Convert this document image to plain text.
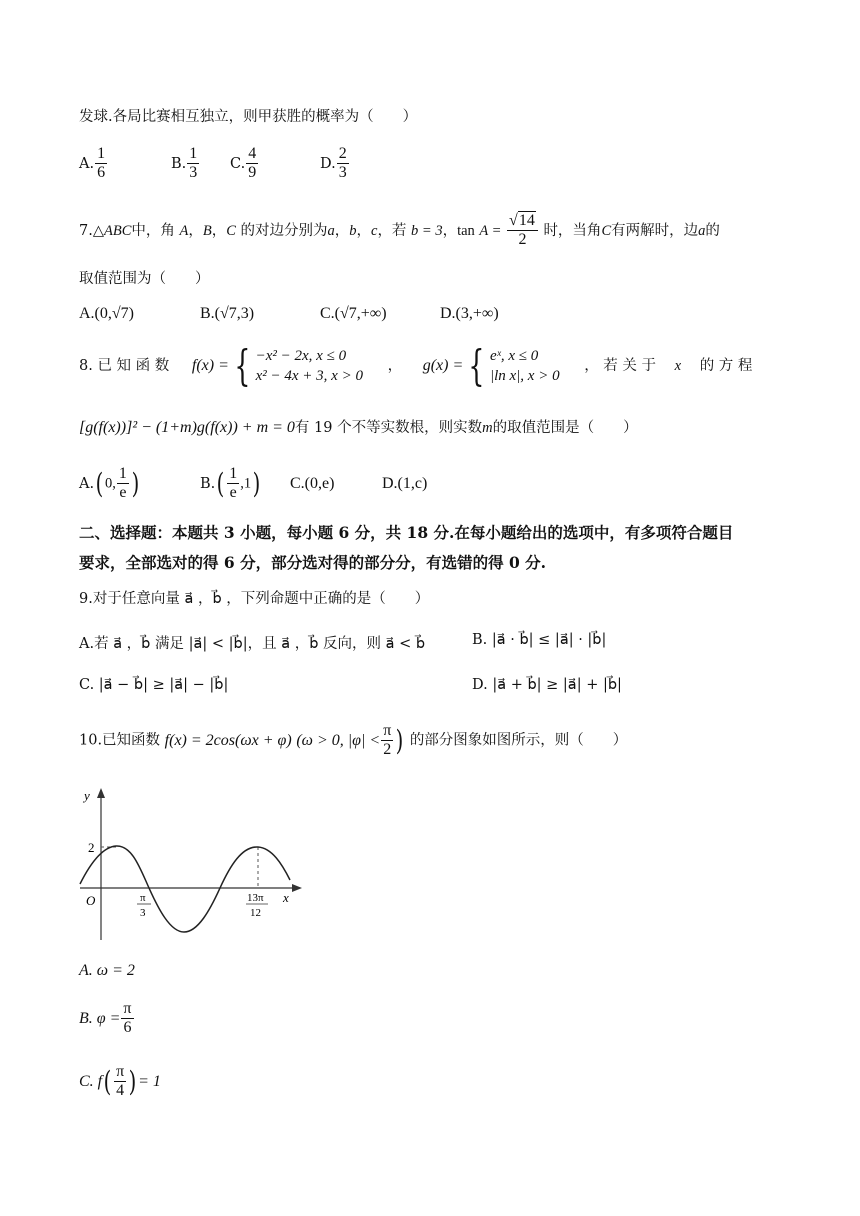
发球.各局比赛相互独立，则甲获胜的概率为（　　）
A. $\frac{1}{6}$	B. $\frac{1}{3} C$. $\frac{4}{9}$	D. $\frac{2}{3}$
7.△ABC中，角 A，B，C 的对边分别为a，b，c，若 b = 3，$\tan A = \frac{√14}{2}$ 时，当角C有两解时，边a的
取值范围为（　　）
A.(0,√7)	B.(√7,3)	C.(√7,+∞)	D.(3,+∞)
8. 已 知 函 数 f(x) = { −x² − 2x, x ≤ 0
x² − 4x + 3, x > 0
， g(x) = { eˣ, x ≤ 0
|ln x|, x > 0
， 若 关 于 x 的 方 程
[g(f(x))]² − (1+m)g(f(x)) + m = 0有 19 个不等实数根，则实数m的取值范围是（　　）
A.( 0, $\frac{1}{e}$ )	$B.( \frac{1}{e} ,1)$ C.(0,e)	D.(1,c)
二、选择题：本题共 3 小题，每小题 6 分，共 18 分.在每小题给出的选项中，有多项符合题目
要求，全部选对的得 6 分，部分选对得的部分分，有选错的得 0 分.
9.对于任意向量 a⃗ ，b⃗ ，下列命题中正确的是（　　）
A.若 a⃗ ，b⃗ 满足 |a⃗| < |b⃗|，且 a⃗ ，b⃗ 反向，则 a⃗ < b⃗	B. |a⃗ · b⃗| ≤ |a⃗| · |b⃗|
C. |a⃗ − b⃗| ≥ |a⃗| − |b⃗|	D. |a⃗ + b⃗| ≥ |a⃗| + |b⃗|
10.已知函数 f(x) = 2cos(ωx + φ) (ω > 0, $|\varphi| < \frac{\pi}{2}$ ) 的部分图象如图所示，则（　　）
y
x
O
2
π
3
13π
12
A. ω = 2
B. $\varphi = \frac{\pi}{6}$
C. $f( \frac{\pi}{4}$ ) = 1
